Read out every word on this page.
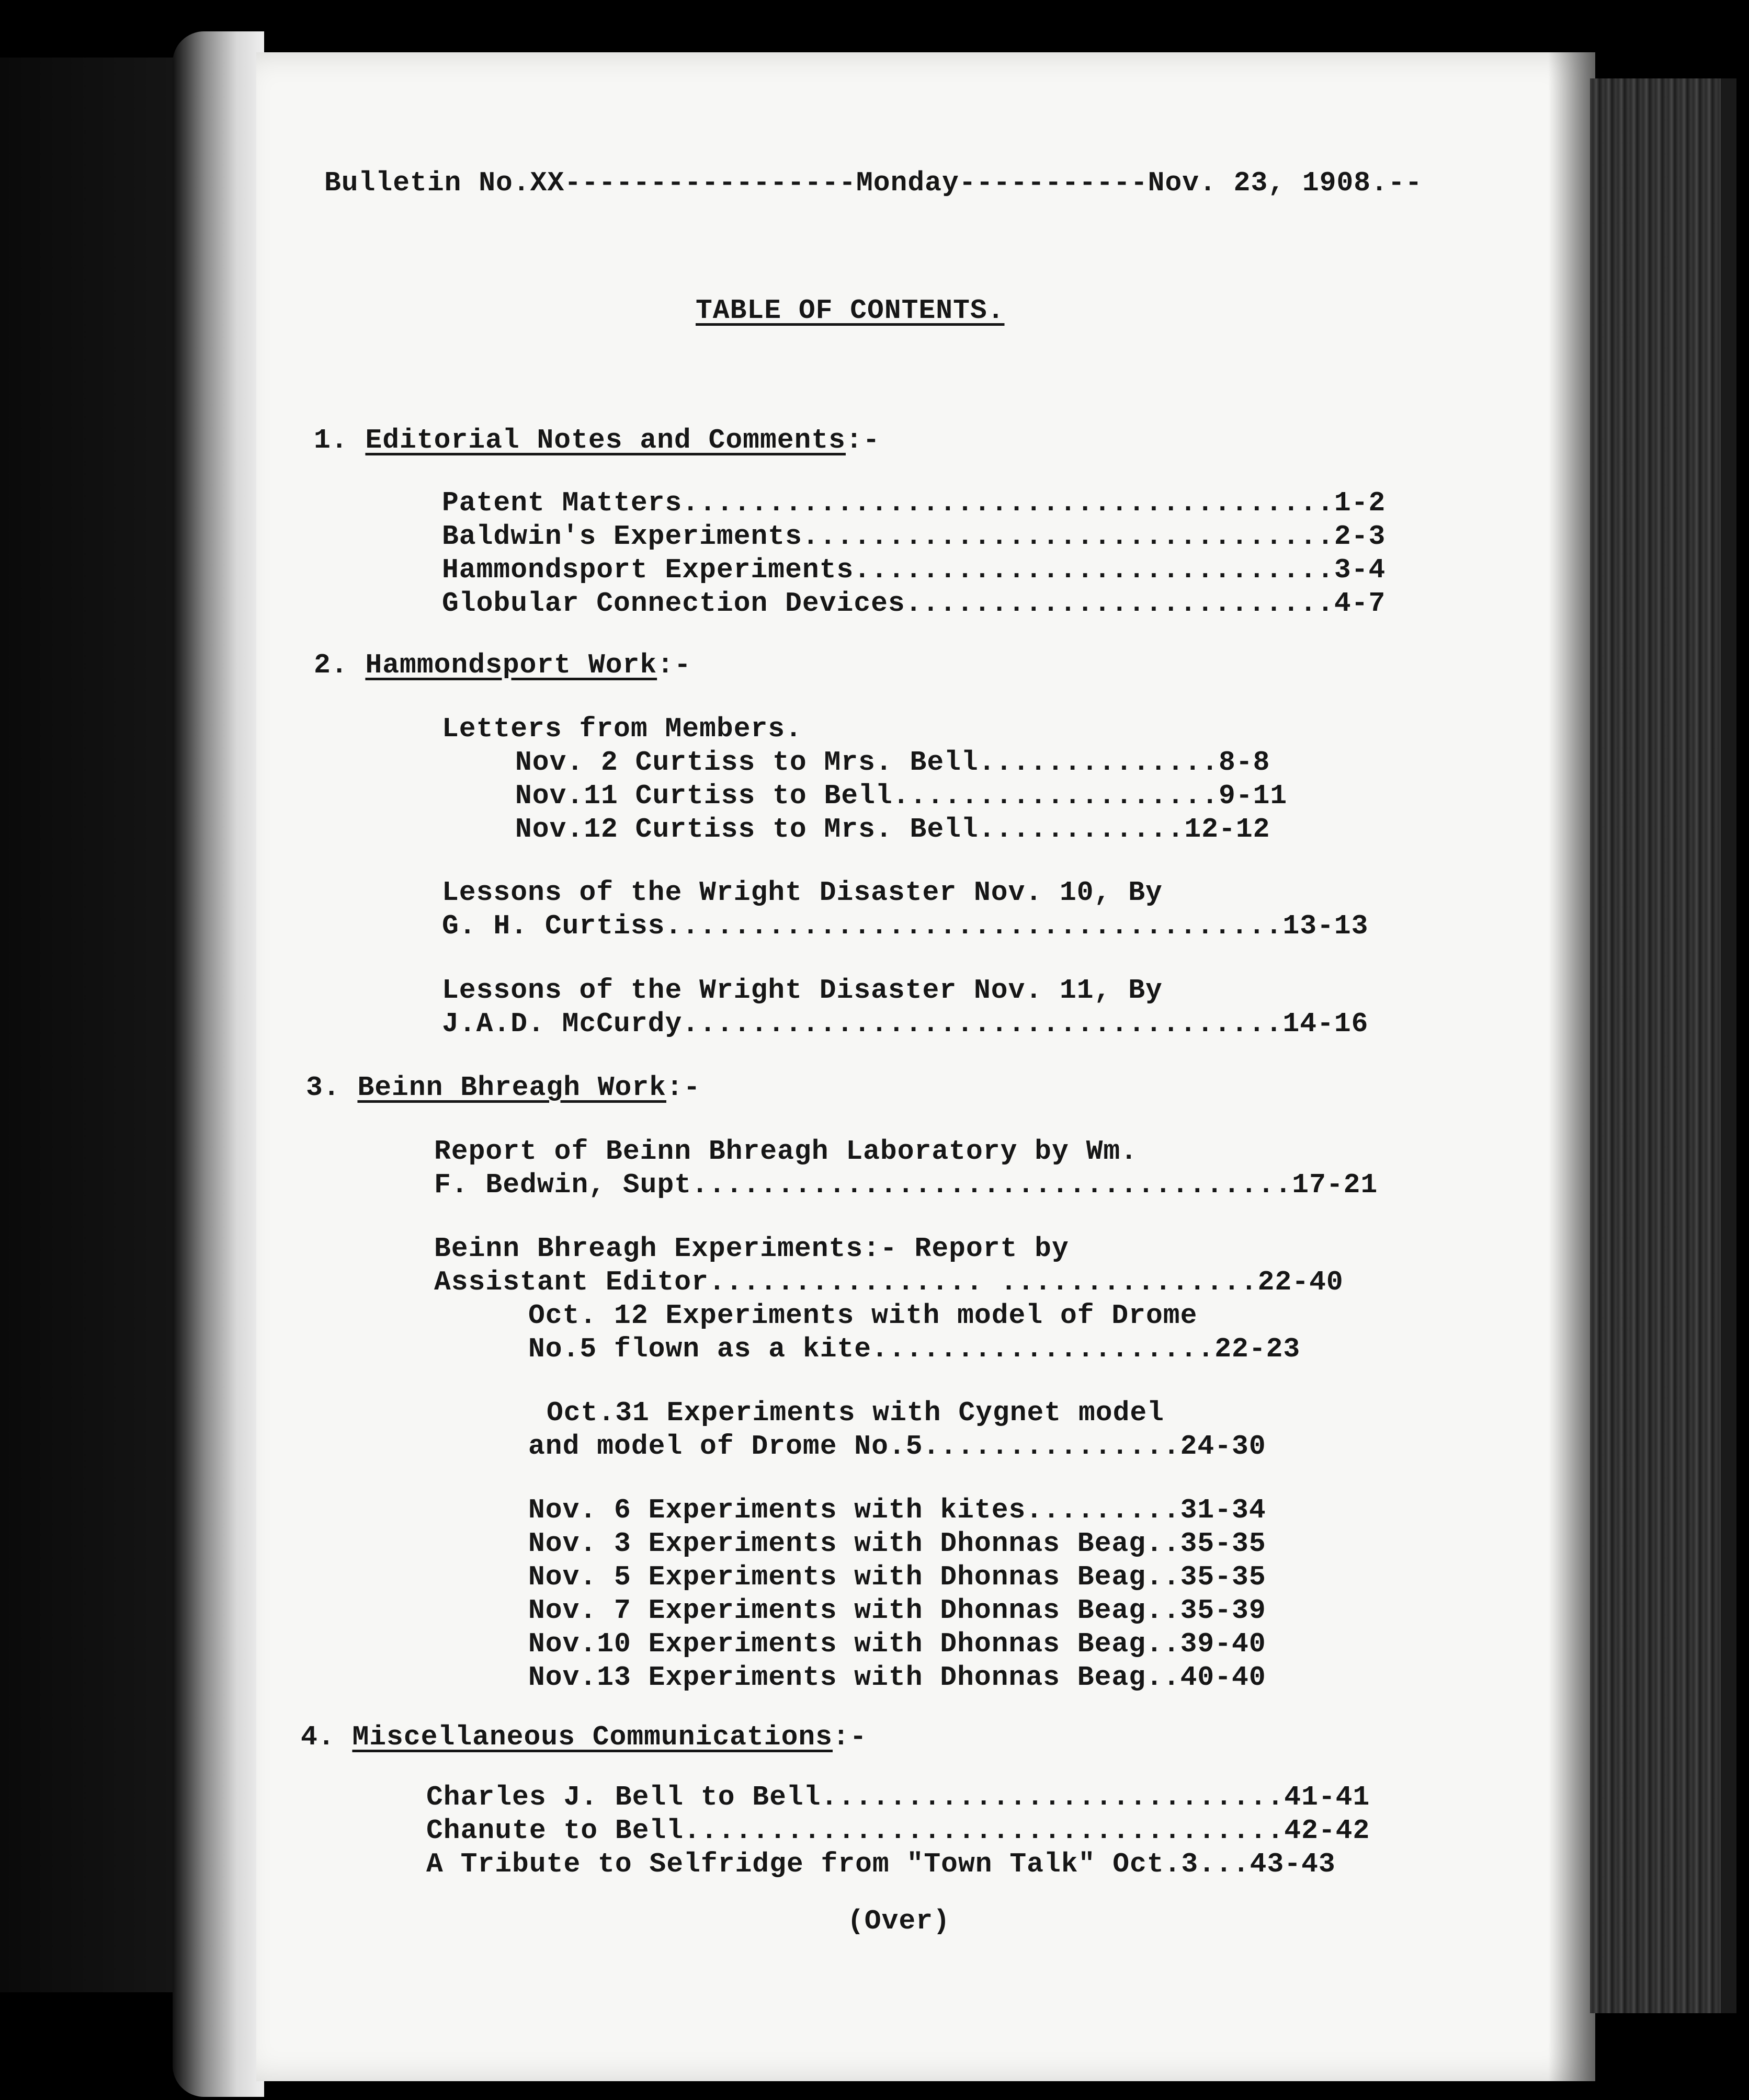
Bulletin No.XX-----------------Monday-----------Nov. 23, 1908.--
TABLE OF CONTENTS.
1. Editorial Notes and Comments:-
Patent Matters......................................1-2
Baldwin's Experiments...............................2-3
Hammondsport Experiments............................3-4
Globular Connection Devices.........................4-7
2. Hammondsport Work:-
Letters from Members.
Nov. 2 Curtiss to Mrs. Bell..............8-8
Nov.11 Curtiss to Bell...................9-11
Nov.12 Curtiss to Mrs. Bell............12-12
Lessons of the Wright Disaster Nov. 10, By
G. H. Curtiss....................................13-13
Lessons of the Wright Disaster Nov. 11, By
J.A.D. McCurdy...................................14-16
3. Beinn Bhreagh Work:-
Report of Beinn Bhreagh Laboratory by Wm.
F. Bedwin, Supt...................................17-21
Beinn Bhreagh Experiments:- Report by
Assistant Editor................ ...............22-40
Oct. 12 Experiments with model of Drome
No.5 flown as a kite....................22-23
Oct.31 Experiments with Cygnet model
and model of Drome No.5...............24-30
Nov. 6 Experiments with kites.........31-34
Nov. 3 Experiments with Dhonnas Beag..35-35
Nov. 5 Experiments with Dhonnas Beag..35-35
Nov. 7 Experiments with Dhonnas Beag..35-39
Nov.10 Experiments with Dhonnas Beag..39-40
Nov.13 Experiments with Dhonnas Beag..40-40
4. Miscellaneous Communications:-
Charles J. Bell to Bell...........................41-41
Chanute to Bell...................................42-42
A Tribute to Selfridge from "Town Talk" Oct.3...43-43
(Over)
